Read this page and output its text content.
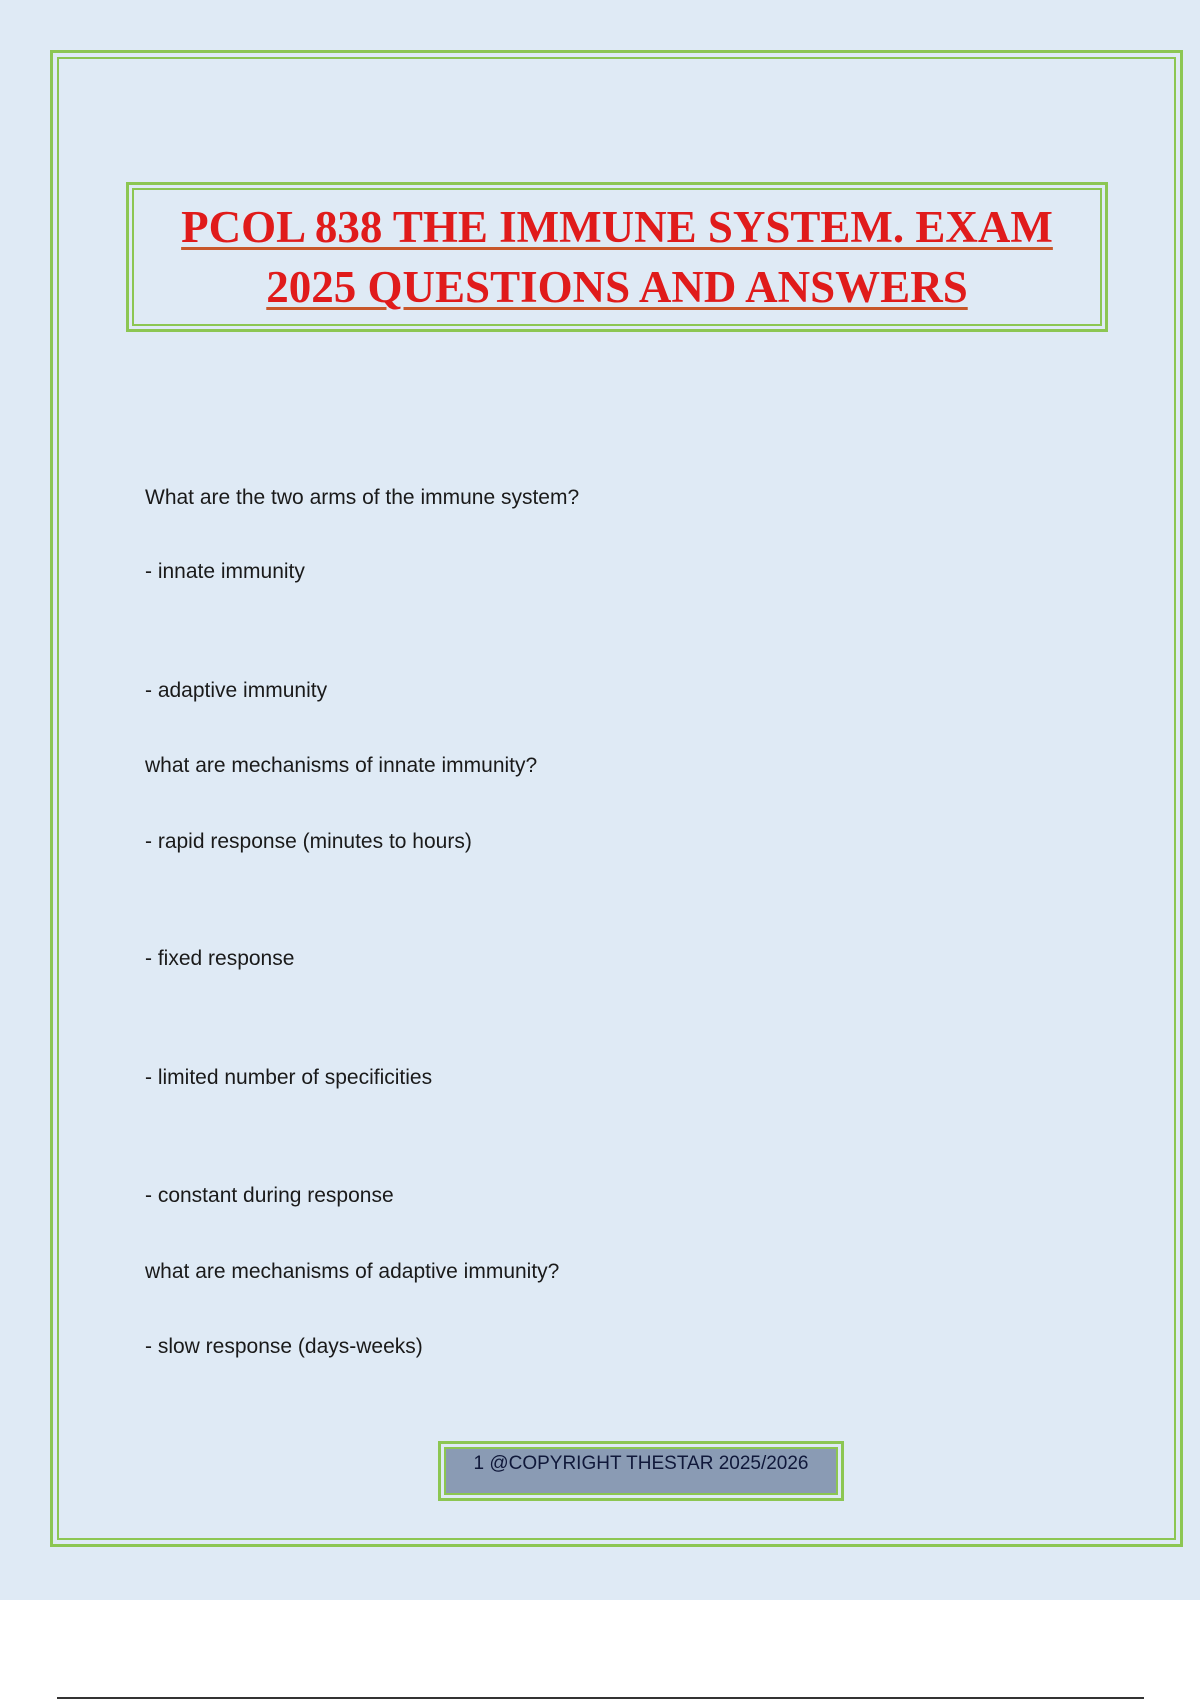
PCOL 838 THE IMMUNE SYSTEM. EXAM 2025 QUESTIONS AND ANSWERS
What are the two arms of the immune system?
- innate immunity
- adaptive immunity
what are mechanisms of innate immunity?
- rapid response (minutes to hours)
- fixed response
- limited number of specificities
- constant during response
what are mechanisms of adaptive immunity?
- slow response (days-weeks)
1 @COPYRIGHT THESTAR 2025/2026
